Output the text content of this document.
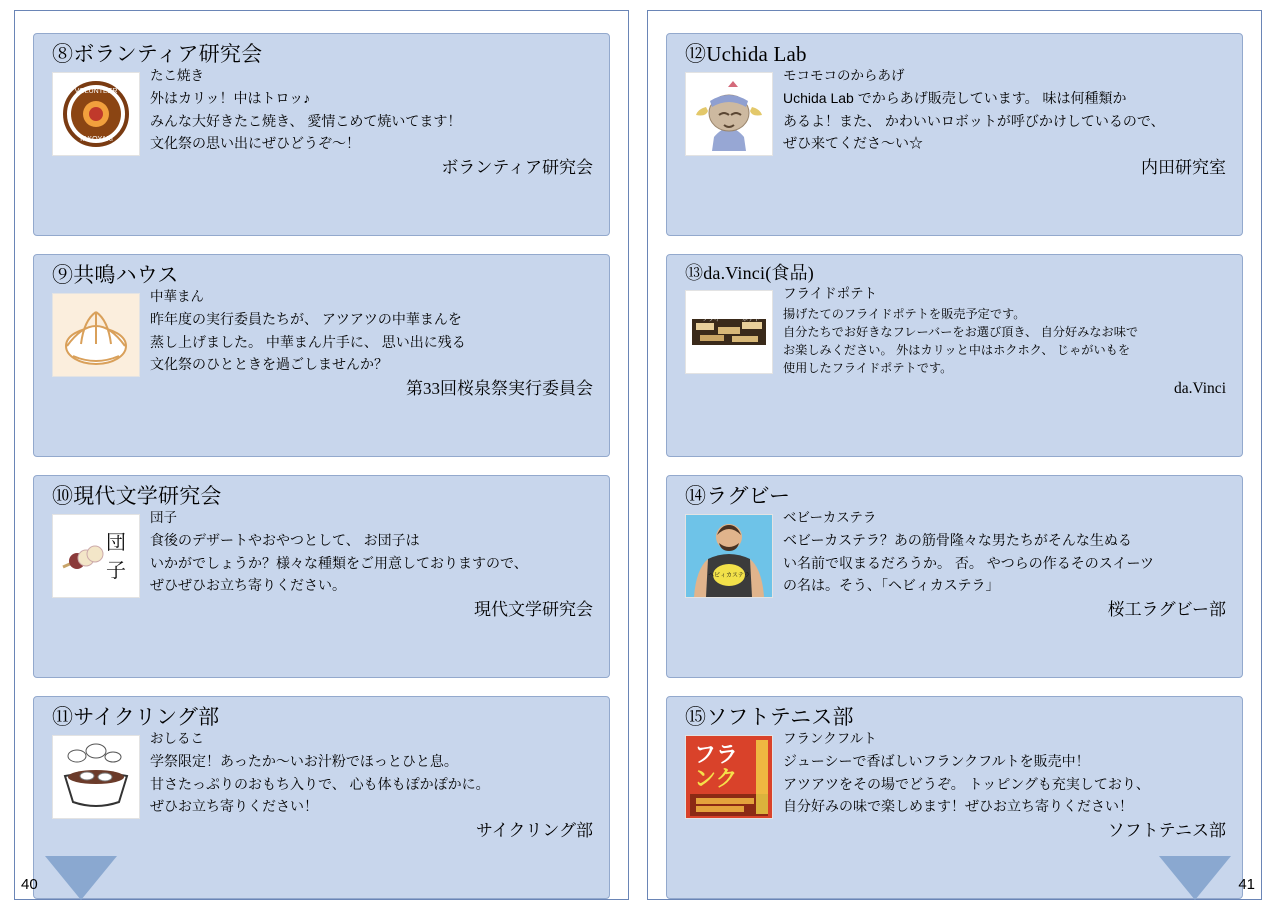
⑧ボランティア研究会
VOLUNTEER
TAKOYAKI
たこ焼き
外はカリッ！中はトロッ♪
みんな大好きたこ焼き、 愛情こめて焼いてます！
文化祭の思い出にぜひどうぞ～！
ボランティア研究会
⑨共鳴ハウス
中華まん
昨年度の実行委員たちが、 アツアツの中華まんを
蒸し上げました。 中華まん片手に、 思い出に残る
文化祭のひとときを過ごしませんか？
第33回桜泉祭実行委員会
⑩現代文学研究会
団
子
団子
食後のデザートやおやつとして、 お団子は
いかがでしょうか？様々な種類をご用意しておりますので、
ぜひぜひお立ち寄りください。
現代文学研究会
⑪サイクリング部
おしるこ
学祭限定！あったか～いお汁粉でほっとひと息。
甘さたっぷりのおもち入りで、 心も体もぽかぽかに。
ぜひお立ち寄りください！
サイクリング部
40
⑫Uchida Lab
モコモコのからあげ
Uchida Lab でからあげ販売しています。 味は何種類か
あるよ！また、 かわいいロボットが呼びかけしているので、
ぜひ来てくださ～い☆
内田研究室
⑬da.Vinci(食品)
フライ	ポテト
フライドポテト
揚げたてのフライドポテトを販売予定です。
自分たちでお好きなフレーバーをお選び頂き、 自分好みなお味で
お楽しみください。 外はカリッと中はホクホク、 じゃがいもを
使用したフライドポテトです。
da.Vinci
⑭ラグビー
ヘビィカステラ
ベビーカステラ
ベビーカステラ？あの筋骨隆々な男たちがそんな生ぬる
い名前で収まるだろうか。 否。 やつらの作るそのスイーツ
の名は。そう、「ヘビィカステラ」
桜工ラグビー部
⑮ソフトテニス部
フラ
ンク
フランクフルト
ジューシーで香ばしいフランクフルトを販売中！
アツアツをその場でどうぞ。 トッピングも充実しており、
自分好みの味で楽しめます！ぜひお立ち寄りください！
ソフトテニス部
41
